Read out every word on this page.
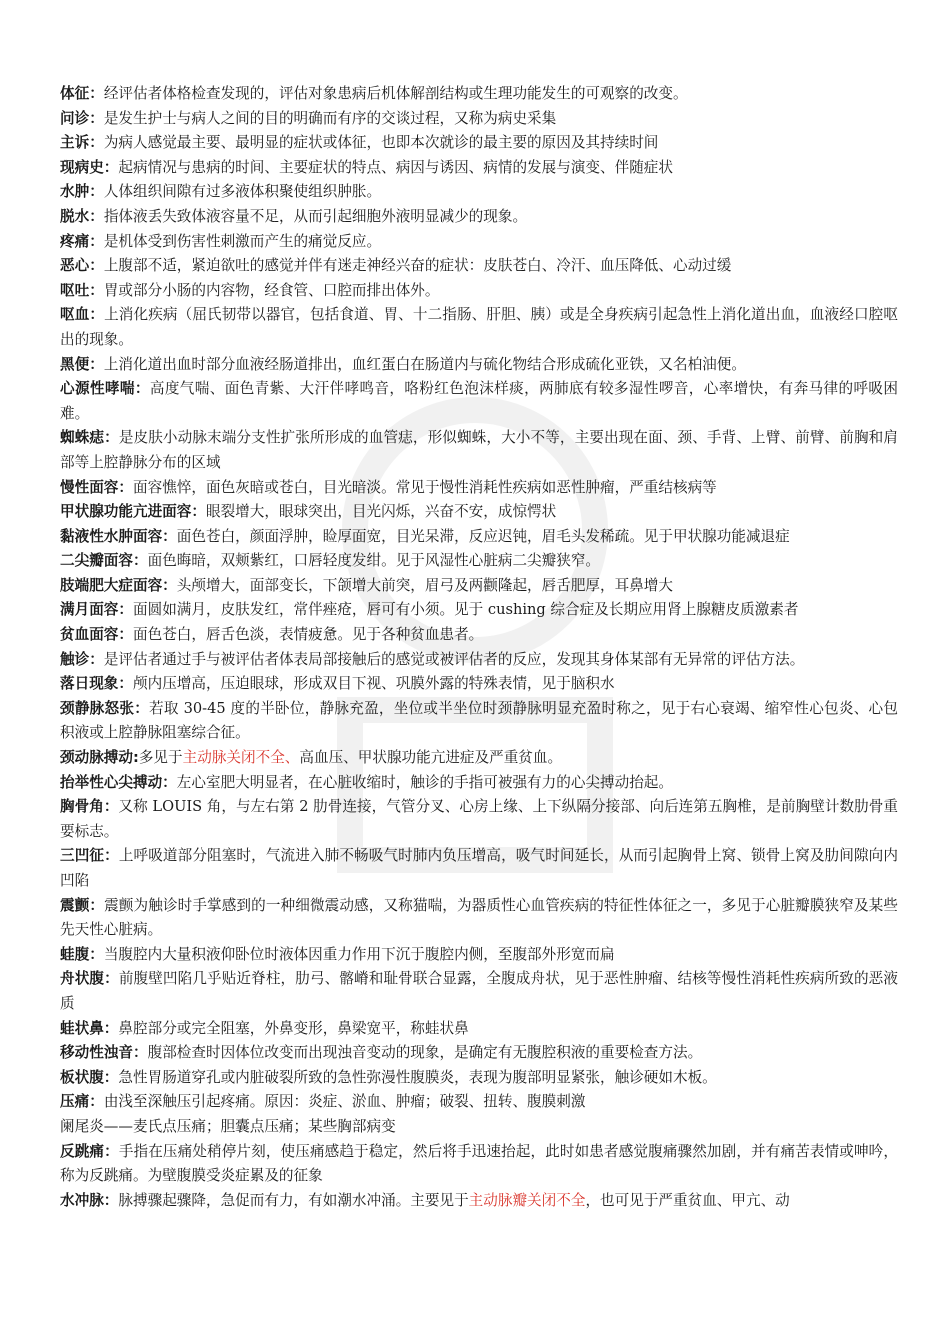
体征：经评估者体格检查发现的，评估对象患病后机体解剖结构或生理功能发生的可观察的改变。

问诊：是发生护士与病人之间的目的明确而有序的交谈过程，又称为病史采集

主诉：为病人感觉最主要、最明显的症状或体征，也即本次就诊的最主要的原因及其持续时间

现病史：起病情况与患病的时间、主要症状的特点、病因与诱因、病情的发展与演变、伴随症状

水肿：人体组织间隙有过多液体积聚使组织肿胀。

脱水：指体液丢失致体液容量不足，从而引起细胞外液明显减少的现象。

疼痛：是机体受到伤害性刺激而产生的痛觉反应。

恶心：上腹部不适，紧迫欲吐的感觉并伴有迷走神经兴奋的症状：皮肤苍白、冷汗、血压降低、心动过缓

呕吐：胃或部分小肠的内容物，经食管、口腔而排出体外。

呕血：上消化疾病（屈氏韧带以器官，包括食道、胃、十二指肠、肝胆、胰）或是全身疾病引起急性上消化道出血，血液经口腔呕出的现象。

黑便：上消化道出血时部分血液经肠道排出，血红蛋白在肠道内与硫化物结合形成硫化亚铁，又名柏油便。

心源性哮喘：高度气喘、面色青紫、大汗伴哮鸣音，咯粉红色泡沫样痰，两肺底有较多湿性啰音，心率增快，有奔马律的呼吸困难。

蜘蛛痣：是皮肤小动脉末端分支性扩张所形成的血管痣，形似蜘蛛，大小不等，主要出现在面、颈、手背、上臂、前臂、前胸和肩部等上腔静脉分布的区域

慢性面容：面容憔悴，面色灰暗或苍白，目光暗淡。常见于慢性消耗性疾病如恶性肿瘤，严重结核病等

甲状腺功能亢进面容：眼裂增大，眼球突出，目光闪烁，兴奋不安，成惊愕状

黏液性水肿面容：面色苍白，颜面浮肿，睑厚面宽，目光呆滞，反应迟钝，眉毛头发稀疏。见于甲状腺功能减退症

二尖瓣面容：面色晦暗，双颊紫红，口唇轻度发绀。见于风湿性心脏病二尖瓣狭窄。

肢端肥大症面容：头颅增大，面部变长，下颌增大前突，眉弓及两颧隆起，唇舌肥厚，耳鼻增大

满月面容：面圆如满月，皮肤发红，常伴痤疮，唇可有小须。见于 cushing 综合症及长期应用肾上腺糖皮质激素者

贫血面容：面色苍白，唇舌色淡，表情疲惫。见于各种贫血患者。

触诊：是评估者通过手与被评估者体表局部接触后的感觉或被评估者的反应，发现其身体某部有无异常的评估方法。

落日现象：颅内压增高，压迫眼球，形成双目下视、巩膜外露的特殊表情，见于脑积水

颈静脉怒张：若取 30-45 度的半卧位，静脉充盈，坐位或半坐位时颈静脉明显充盈时称之，见于右心衰竭、缩窄性心包炎、心包积液或上腔静脉阻塞综合征。

颈动脉搏动:多见于主动脉关闭不全、高血压、甲状腺功能亢进症及严重贫血。

抬举性心尖搏动：左心室肥大明显者，在心脏收缩时，触诊的手指可被强有力的心尖搏动抬起。

胸骨角：又称 LOUIS 角，与左右第 2 肋骨连接，气管分叉、心房上缘、上下纵隔分接部、向后连第五胸椎，是前胸壁计数肋骨重要标志。

三凹征：上呼吸道部分阻塞时，气流进入肺不畅吸气时肺内负压增高，吸气时间延长，从而引起胸骨上窝、锁骨上窝及肋间隙向内凹陷

震颤：震颤为触诊时手掌感到的一种细微震动感，又称猫喘，为器质性心血管疾病的特征性体征之一，多见于心脏瓣膜狭窄及某些先天性心脏病。

蛙腹：当腹腔内大量积液仰卧位时液体因重力作用下沉于腹腔内侧，至腹部外形宽而扁

舟状腹：前腹壁凹陷几乎贴近脊柱，肋弓、髂嵴和耻骨联合显露，全腹成舟状，见于恶性肿瘤、结核等慢性消耗性疾病所致的恶液质

蛙状鼻：鼻腔部分或完全阻塞，外鼻变形，鼻梁宽平，称蛙状鼻

移动性浊音：腹部检查时因体位改变而出现浊音变动的现象，是确定有无腹腔积液的重要检查方法。

板状腹：急性胃肠道穿孔或内脏破裂所致的急性弥漫性腹膜炎，表现为腹部明显紧张，触诊硬如木板。

压痛：由浅至深触压引起疼痛。原因：炎症、淤血、肿瘤；破裂、扭转、腹膜刺激

阑尾炎——麦氏点压痛；胆囊点压痛；某些胸部病变

反跳痛：手指在压痛处稍停片刻，使压痛感趋于稳定，然后将手迅速抬起，此时如患者感觉腹痛骤然加剧，并有痛苦表情或呻吟，称为反跳痛。为壁腹膜受炎症累及的征象

水冲脉：脉搏骤起骤降，急促而有力，有如潮水冲涌。主要见于主动脉瓣关闭不全，也可见于严重贫血、甲亢、动
